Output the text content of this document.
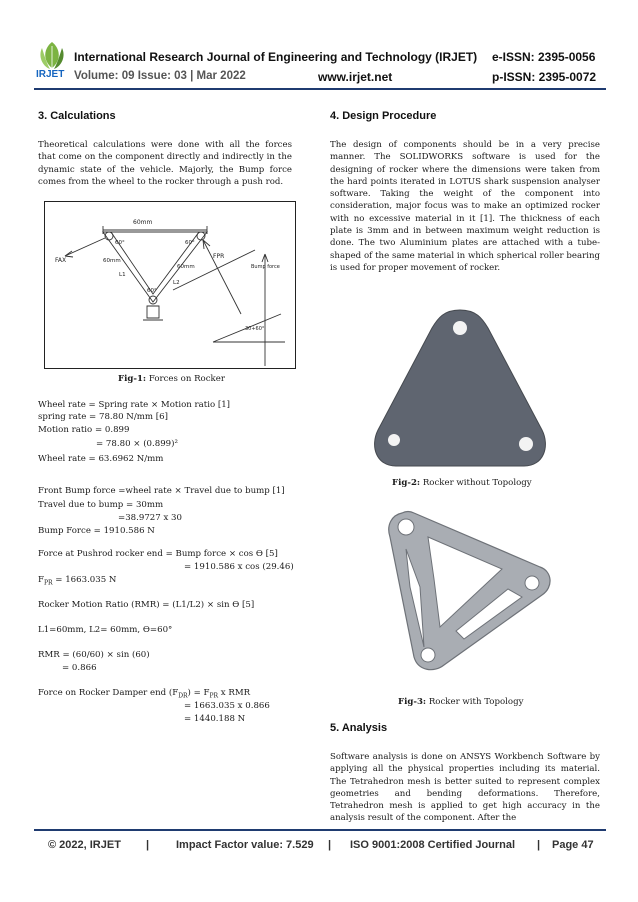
IRJET
International Research Journal of Engineering and Technology (IRJET) e-ISSN: 2395-0056
Volume: 09 Issue: 03 | Mar 2022	www.irjet.net	p-ISSN: 2395-0072
3. Calculations
Theoretical calculations were done with all the forces that come on the component directly and indirectly in the dynamic state of the vehicle. Majorly, the Bump force comes from the wheel to the rocker through a push rod.
60mm
FAX
FPR
60°	60°
60°
60mm
60mm
L1
L2
Bump force
30+60°
Fig-1: Forces on Rocker
Wheel rate = Spring rate × Motion ratio [1]
spring rate = 78.80 N/mm [6]
Motion ratio = 0.899
= 78.80 × (0.899)²
Wheel rate = 63.6962 N/mm
Front Bump force =wheel rate × Travel due to bump [1]
Travel due to bump = 30mm
=38.9727 x 30
Bump Force = 1910.586 N
Force at Pushrod rocker end = Bump force × cos Ɵ [5]
= 1910.586 x cos (29.46)
$F_{PR} = 1663.035$ N
Rocker Motion Ratio (RMR) = (L1/L2) × sin Ɵ [5]
L1=60mm, L2= 60mm, Ɵ=60°
RMR = (60/60) × sin (60)
= 0.866
Force on Rocker Damper end $(F_{DR}) = F_{PR}$ x RMR
= 1663.035 x 0.866
= 1440.188 N
4. Design Procedure
The design of components should be in a very precise manner. The SOLIDWORKS software is used for the designing of rocker where the dimensions were taken from the hard points iterated in LOTUS shark suspension analyser software. Taking the weight of the component into consideration, major focus was to make an optimized rocker with no excessive material in it [1]. The thickness of each plate is 3mm and in between maximum weight reduction is done. The two Aluminium plates are attached with a tube-shaped of the same material in which spherical roller bearing is used for proper movement of rocker.
Fig-2: Rocker without Topology
Fig-3: Rocker with Topology
5. Analysis
Software analysis is done on ANSYS Workbench Software by applying all the physical properties including its material. The Tetrahedron mesh is better suited to represent complex geometries and bending deformations. Therefore, Tetrahedron mesh is applied to get high accuracy in the analysis result of the component. After the
© 2022, IRJET | Impact Factor value: 7.529 | ISO 9001:2008 Certified Journal | Page 47
